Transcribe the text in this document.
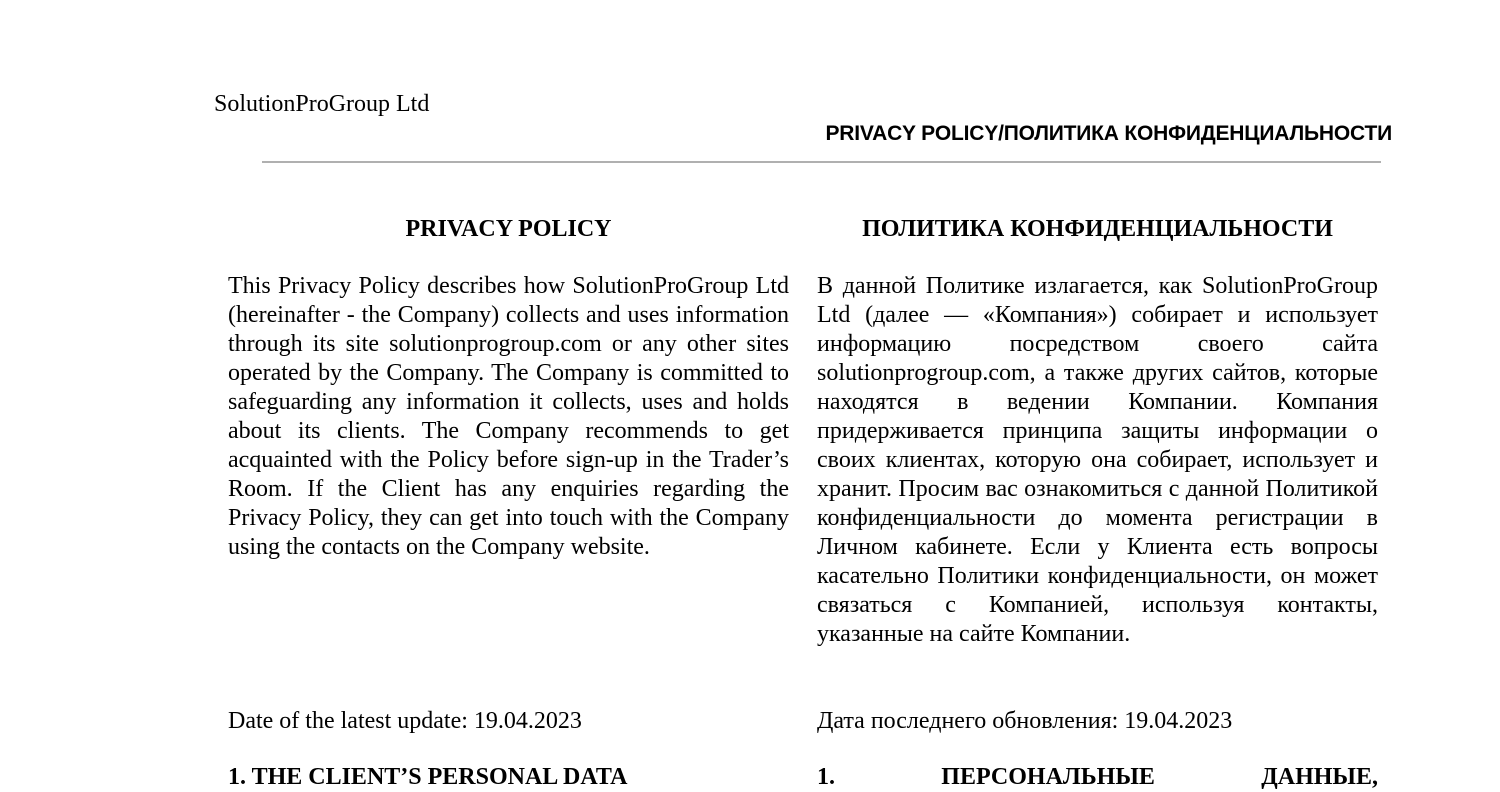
SolutionProGroup Ltd
PRIVACY POLICY/ПОЛИТИКА КОНФИДЕНЦИАЛЬНОСТИ
PRIVACY POLICY
This Privacy Policy describes how SolutionProGroup Ltd (hereinafter - the Company) collects and uses information through its site solutionprogroup.com or any other sites operated by the Company. The Company is committed to safeguarding any information it collects, uses and holds about its clients. The Company recommends to get acquainted with the Policy before sign-up in the Trader’s Room. If the Client has any enquiries regarding the Privacy Policy, they can get into touch with the Company using the contacts on the Company website.
Date of the latest update: 19.04.2023
1. THE CLIENT’S PERSONAL DATA
ПОЛИТИКА КОНФИДЕНЦИАЛЬНОСТИ
В данной Политике излагается, как SolutionProGroup Ltd (далее — «Компания») собирает и использует информацию посредством своего сайта solutionprogroup.com, а также других сайтов, которые находятся в ведении Компании. Компания придерживается принципа защиты информации о своих клиентах, которую она собирает, использует и хранит. Просим вас ознакомиться с данной Политикой конфиденциальности до момента регистрации в Личном кабинете. Если у Клиента есть вопросы касательно Политики конфиденциальности, он может связаться с Компанией, используя контакты, указанные на сайте Компании.
Дата последнего обновления: 19.04.2023
1.	ПЕРСОНАЛЬНЫЕ	ДАННЫЕ,
